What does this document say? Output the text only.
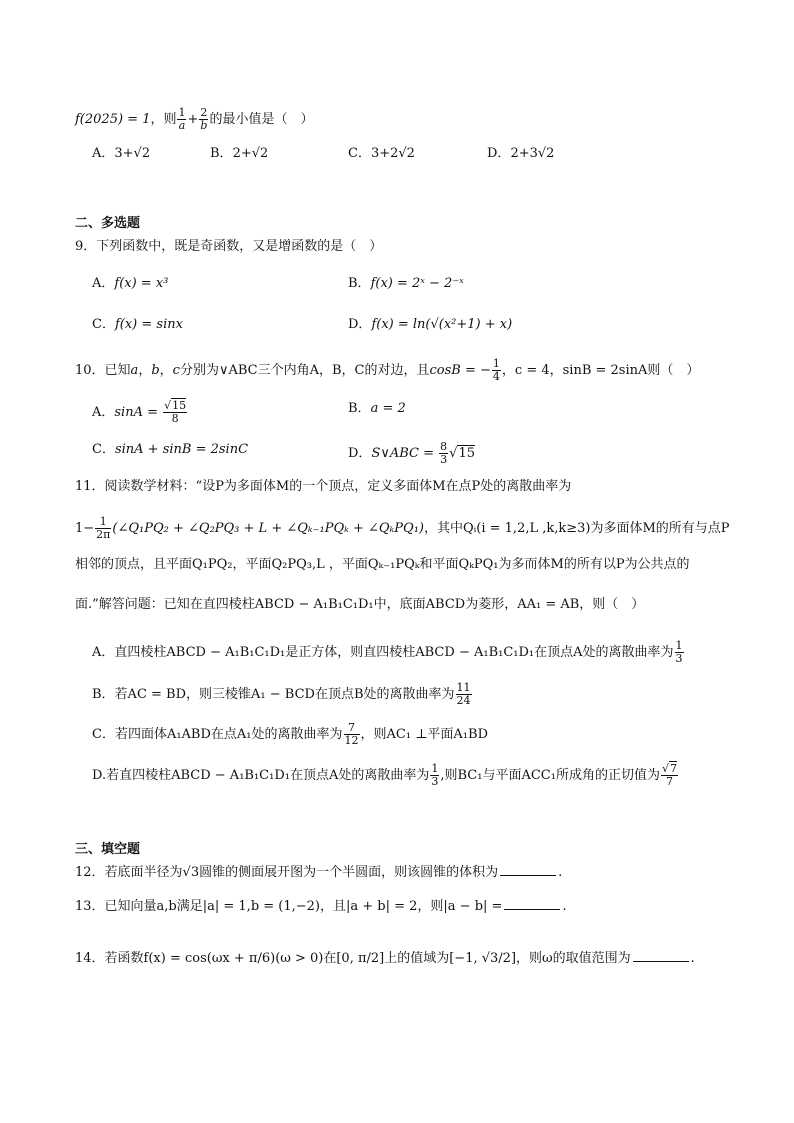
f(2025) = 1，则 $\frac{1}{a} + \frac{2}{b}$ 的最小值是（　）
A．3+√2	B．2+√2	C．3+2√2	D．2+3√2
二、多选题
9．下列函数中，既是奇函数，又是增函数的是（　）
A．f(x) = x³	B．f(x) = 2ˣ − 2⁻ˣ
C．f(x) = sinx	D．f(x) = ln(√(x²+1) + x)
10．已知a，b，c分别为∨ABC三个内角A，B，C的对边，且cosB = − $\frac{1}{4}$ ，c = 4，sinB = 2sinA则（　）
A．$\sin A = \frac{√15}{8}$	B．a = 2
C．sinA + sinB = 2sinC	D．S∨ABC = $\frac{8}{3} √15$
11．阅读数学材料：“设P为多面体M的一个顶点，定义多面体M在点P处的离散曲率为
$1- \frac{1}{2\pi}$ (∠Q₁PQ₂ + ∠Q₂PQ₃ + L + ∠Qₖ₋₁PQₖ + ∠QₖPQ₁)，其中Qᵢ(i = 1,2,L ,k,k≥3)为多面体M的所有与点P
相邻的顶点，且平面Q₁PQ₂，平面Q₂PQ₃,L ，平面Qₖ₋₁PQₖ和平面QₖPQ₁为多而体M的所有以P为公共点的
面.”解答问题：已知在直四棱柱ABCD − A₁B₁C₁D₁中，底面ABCD为菱形，AA₁ = AB，则（　）
A．直四棱柱ABCD − A₁B₁C₁D₁是正方体，则直四棱柱ABCD − A₁B₁C₁D₁在顶点A处的离散曲率为 $\frac{1}{3}$
B．若AC = BD，则三棱锥A₁ − BCD在顶点B处的离散曲率为 $\frac{11}{24}$
C．若四面体A₁ABD在点A₁处的离散曲率为 $\frac{7}{12}$ ，则AC₁ ⊥平面A₁BD
D.若直四棱柱ABCD − A₁B₁C₁D₁在顶点A处的离散曲率为 $\frac{1}{3}$ ,则BC₁与平面ACC₁所成角的正切值为 $\frac{√7}{7}$
三、填空题
12．若底面半径为√3圆锥的侧面展开图为一个半圆面，则该圆锥的体积为	.
13．已知向量a,b满足|a| = 1,b = (1,−2)，且|a + b| = 2，则|a − b| =	.
14．若函数f(x) = cos(ωx + π/6)(ω > 0)在[0, π/2]上的值域为[−1, √3/2]，则ω的取值范围为	.
